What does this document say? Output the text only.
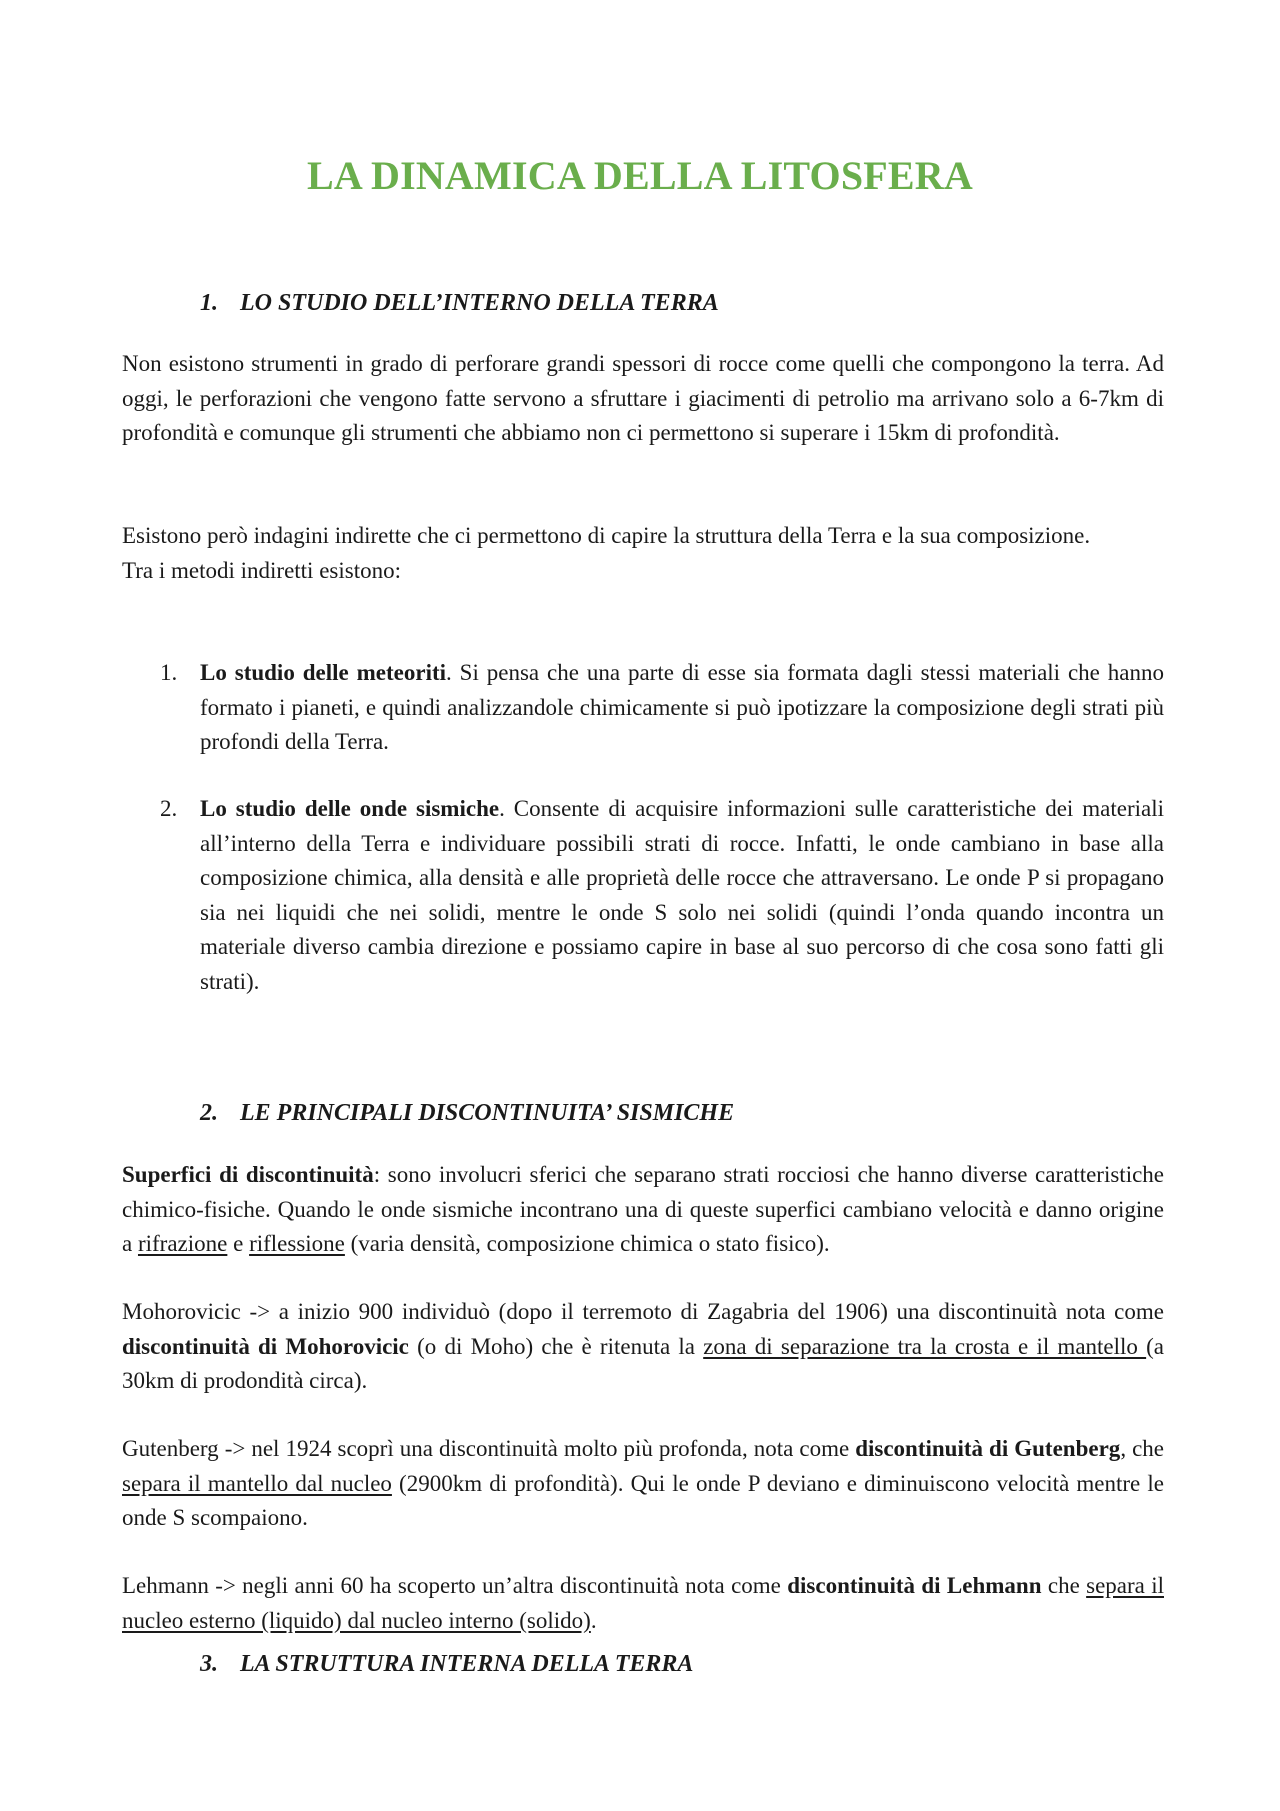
LA DINAMICA DELLA LITOSFERA
1. LO STUDIO DELL’INTERNO DELLA TERRA

Non esistono strumenti in grado di perforare grandi spessori di rocce come quelli che compongono la terra. Ad oggi, le perforazioni che vengono fatte servono a sfruttare i giacimenti di petrolio ma arrivano solo a 6-7km di profondità e comunque gli strumenti che abbiamo non ci permettono si superare i 15km di profondità.

Esistono però indagini indirette che ci permettono di capire la struttura della Terra e la sua composizione.
Tra i metodi indiretti esistono:
1. Lo studio delle meteoriti. Si pensa che una parte di esse sia formata dagli stessi materiali che hanno formato i pianeti, e quindi analizzandole chimicamente si può ipotizzare la composizione degli strati più profondi della Terra.
2. Lo studio delle onde sismiche. Consente di acquisire informazioni sulle caratteristiche dei materiali all’interno della Terra e individuare possibili strati di rocce. Infatti, le onde cambiano in base alla composizione chimica, alla densità e alle proprietà delle rocce che attraversano. Le onde P si propagano sia nei liquidi che nei solidi, mentre le onde S solo nei solidi (quindi l’onda quando incontra un materiale diverso cambia direzione e possiamo capire in base al suo percorso di che cosa sono fatti gli strati).
2. LE PRINCIPALI DISCONTINUITA’ SISMICHE

Superfici di discontinuità: sono involucri sferici che separano strati rocciosi che hanno diverse caratteristiche chimico-fisiche. Quando le onde sismiche incontrano una di queste superfici cambiano velocità e danno origine a rifrazione e riflessione (varia densità, composizione chimica o stato fisico).

Mohorovicic -> a inizio 900 individuò (dopo il terremoto di Zagabria del 1906) una discontinuità nota come discontinuità di Mohorovicic (o di Moho) che è ritenuta la zona di separazione tra la crosta e il mantello (a 30km di prodondità circa).

Gutenberg -> nel 1924 scoprì una discontinuità molto più profonda, nota come discontinuità di Gutenberg, che separa il mantello dal nucleo (2900km di profondità). Qui le onde P deviano e diminuiscono velocità mentre le onde S scompaiono.

Lehmann -> negli anni 60 ha scoperto un’altra discontinuità nota come discontinuità di Lehmann che separa il nucleo esterno (liquido) dal nucleo interno (solido).

3. LA STRUTTURA INTERNA DELLA TERRA
